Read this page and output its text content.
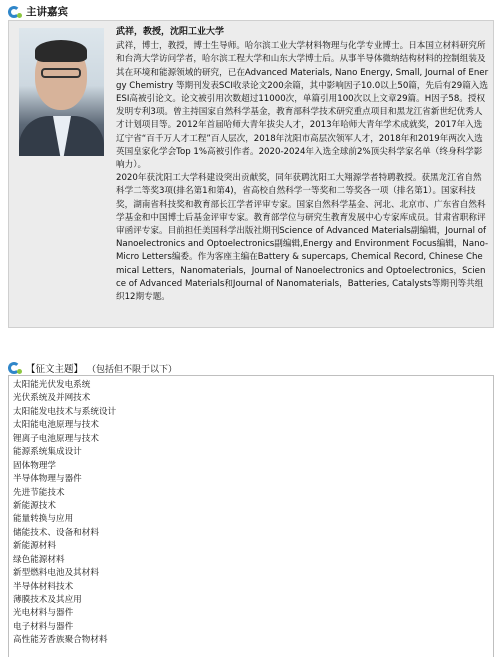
主讲嘉宾
武祥，教授，沈阳工业大学

武祥，博士，教授，博士生导师。哈尔滨工业大学材料物理与化学专业博士。日本国立材料研究所和台湾大学访问学者，哈尔滨工程大学和山东大学博士后。从事半导体微纳结构材料的控制组装及其在环境和能源领域的研究，已在Advanced Materials, Nano Energy, Small, Journal of Energy Chemistry 等期刊发表SCI收录论文200余篇，其中影响因子10.0以上50篇，先后有29篇入选ESI高被引论文。论文被引用次数超过11000次，单篇引用100次以上文章29篇。H因子58。授权发明专利3项。曾主持国家自然科学基金，教育部科学技术研究重点项目和黑龙江省新世纪优秀人才计划项目等。2012年首届哈师大青年拔尖人才，2013年哈师大青年学术成就奖，2017年入选辽宁省“百千万人才工程”百人层次，2018年沈阳市高层次领军人才，2018年和2019年两次入选英国皇家化学会Top 1%高被引作者。2020-2024年入选全球前2%顶尖科学家名单（终身科学影响力）。

2020年获沈阳工大学科建设突出贡献奖，同年获聘沈阳工大翔源学者特聘教授。获黑龙江省自然科学二等奖3项(排名第1和第4)，省高校自然科学一等奖和二等奖各一项（排名第1）。国家科技奖，湖南省科技奖和教育部长江学者评审专家。国家自然科学基金、河北、北京市、广东省自然科学基金和中国博士后基金评审专家。教育部学位与研究生教育发展中心专家库成员。甘肃省职称评审函评专家。目前担任美国科学出版社期刊Science of Advanced Materials副编辑，Journal of Nanoelectronics and Optoelectronics副编辑,Energy and Environment Focus编辑，Nano-Micro Letters编委。作为客座主编在Battery & supercaps, Chemical Record, Chinese Chemical Letters，Nanomaterials，Journal of Nanoelectronics and Optoelectronics，Science of Advanced Materials和Journal of Nanomaterials，Batteries, Catalysts等期刊等共组织12期专题。

【征文主题】 （包括但不限于以下）
太阳能光伏发电系统
光伏系统及并网技术
太阳能发电技术与系统设计
太阳能电池原理与技术
锂离子电池原理与技术
能源系统集成设计
固体物理学
半导体物理与器件
先进节能技术
新能源技术
能量转换与应用
储能技术、设备和材料
新能源材料
绿色能源材料
新型燃料电池及其材料
半导体材料技术
薄膜技术及其应用
光电材料与器件
电子材料与器件
高性能芳香族聚合物材料
